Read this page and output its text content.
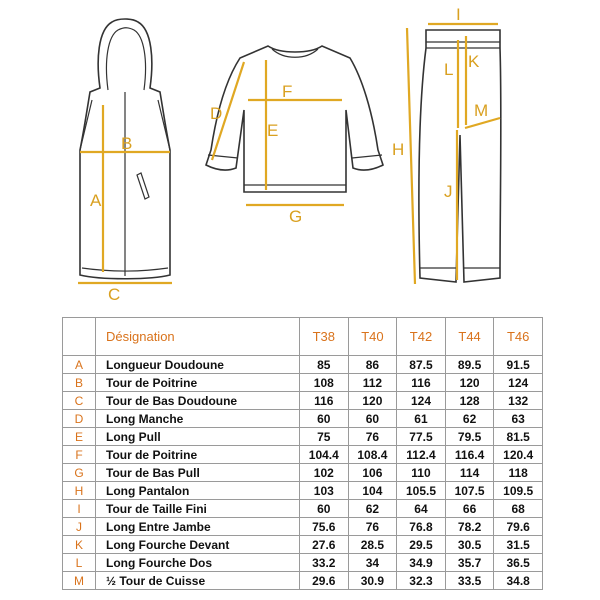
A
B
C
D
E
F
G
H
I
J
K
L
M
	Désignation	T38	T40	T42	T44	T46
A	Longueur Doudoune	85	86	87.5	89.5	91.5
B	Tour de Poitrine	108	112	116	120	124
C	Tour de Bas Doudoune	116	120	124	128	132
D	Long Manche	60	60	61	62	63
E	Long Pull	75	76	77.5	79.5	81.5
F	Tour de Poitrine	104.4	108.4	112.4	116.4	120.4
G	Tour de Bas Pull	102	106	110	114	118
H	Long Pantalon	103	104	105.5	107.5	109.5
I	Tour de Taille Fini	60	62	64	66	68
J	Long Entre Jambe	75.6	76	76.8	78.2	79.6
K	Long Fourche Devant	27.6	28.5	29.5	30.5	31.5
L	Long Fourche Dos	33.2	34	34.9	35.7	36.5
M	½ Tour de Cuisse	29.6	30.9	32.3	33.5	34.8
